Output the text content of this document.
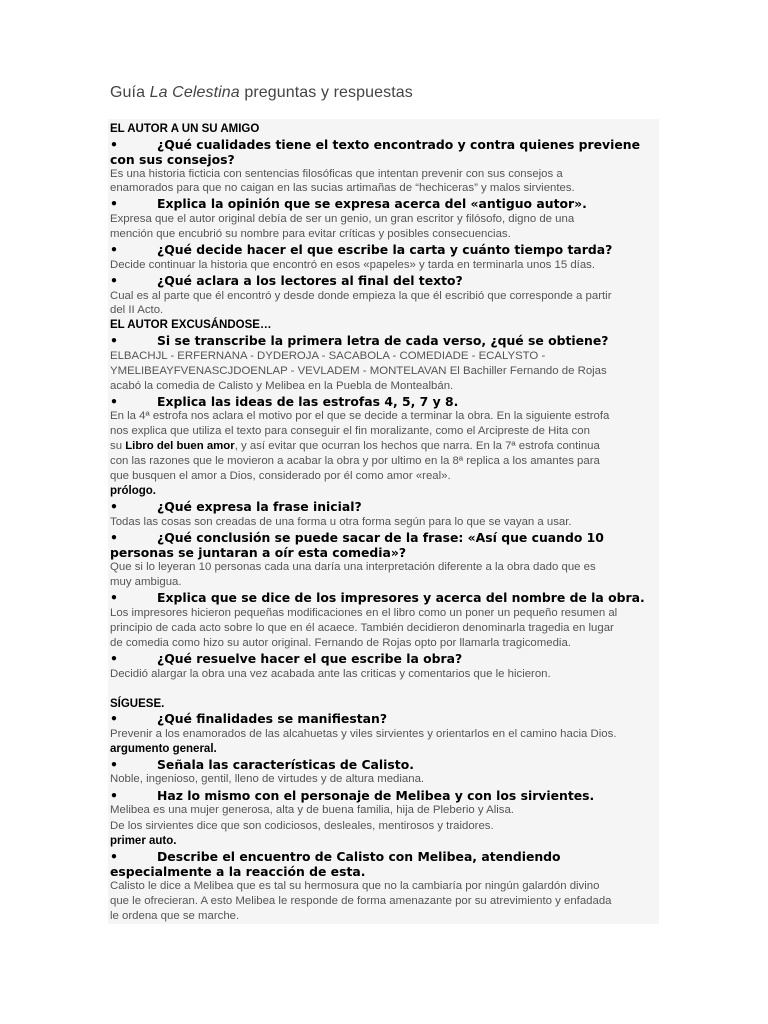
Guía La Celestina preguntas y respuestas
EL AUTOR A UN SU AMIGO
•	¿Qué cualidades tiene el texto encontrado y contra quienes previene
con sus consejos?
Es una historia ficticia con sentencias filosóficas que intentan prevenir con sus consejos a
enamorados para que no caigan en las sucias artimañas de “hechiceras” y malos sirvientes.
•	Explica la opinión que se expresa acerca del «antiguo autor».
Expresa que el autor original debía de ser un genio, un gran escritor y filósofo, digno de una
mención que encubrió su nombre para evitar críticas y posibles consecuencias.
•	¿Qué decide hacer el que escribe la carta y cuánto tiempo tarda?
Decide continuar la historia que encontró en esos «papeles» y tarda en terminarla unos 15 días.
•	¿Qué aclara a los lectores al final del texto?
Cual es al parte que él encontró y desde donde empieza la que él escribió que corresponde a partir
del II Acto.
EL AUTOR EXCUSÁNDOSE…
•	Si se transcribe la primera letra de cada verso, ¿qué se obtiene?
ELBACHJL - ERFERNANA - DYDEROJA - SACABOLA - COMEDIADE - ECALYSTO -
YMELIBEAYFVENASCJDOENLAP - VEVLADEM - MONTELAVAN El Bachiller Fernando de Rojas
acabó la comedia de Calisto y Melibea en la Puebla de Montealbán.
•	Explica las ideas de las estrofas 4, 5, 7 y 8.
En la 4ª estrofa nos aclara el motivo por el que se decide a terminar la obra. En la siguiente estrofa
nos explica que utiliza el texto para conseguir el fin moralizante, como el Arcipreste de Hita con
su Libro del buen amor, y así evitar que ocurran los hechos que narra. En la 7ª estrofa continua
con las razones que le movieron a acabar la obra y por ultimo en la 8ª replica a los amantes para
que busquen el amor a Dios, considerado por él como amor «real».
prólogo.
•	¿Qué expresa la frase inicial?
Todas las cosas son creadas de una forma u otra forma según para lo que se vayan a usar.
•	¿Qué conclusión se puede sacar de la frase: «Así que cuando 10
personas se juntaran a oír esta comedia»?
Que si lo leyeran 10 personas cada una daría una interpretación diferente a la obra dado que es
muy ambigua.
•	Explica que se dice de los impresores y acerca del nombre de la obra.
Los impresores hicieron pequeñas modificaciones en el libro como un poner un pequeño resumen al
principio de cada acto sobre lo que en él acaece. También decidieron denominarla tragedia en lugar
de comedia como hizo su autor original. Fernando de Rojas opto por llamarla tragicomedia.
•	¿Qué resuelve hacer el que escribe la obra?
Decidió alargar la obra una vez acabada ante las criticas y comentarios que le hicieron.
SÍGUESE.
•	¿Qué finalidades se manifiestan?
Prevenir a los enamorados de las alcahuetas y viles sirvientes y orientarlos en el camino hacia Dios.
argumento general.
•	Señala las características de Calisto.
Noble, ingenioso, gentil, lleno de virtudes y de altura mediana.
•	Haz lo mismo con el personaje de Melibea y con los sirvientes.
Melibea es una mujer generosa, alta y de buena familia, hija de Pleberio y Alisa.
De los sirvientes dice que son codiciosos, desleales, mentirosos y traidores.
primer auto.
•	Describe el encuentro de Calisto con Melibea, atendiendo
especialmente a la reacción de esta.
Calisto le dice a Melibea que es tal su hermosura que no la cambiaría por ningún galardón divino
que le ofrecieran. A esto Melibea le responde de forma amenazante por su atrevimiento y enfadada
le ordena que se marche.
